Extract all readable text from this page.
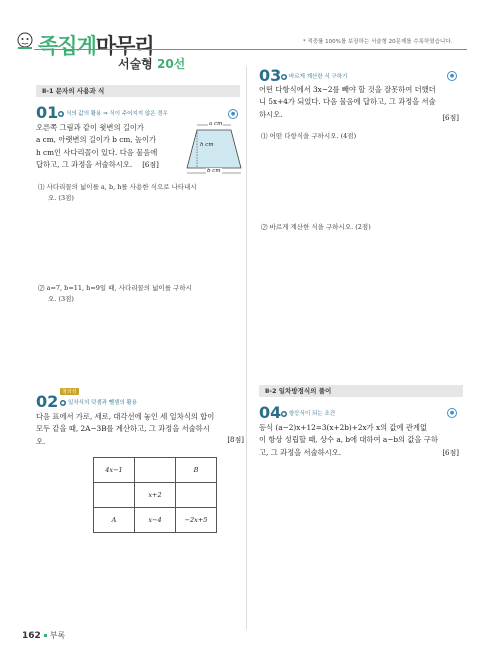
족집게마무리
서술형 20선
* 적중률 100%를 보장하는 서술형 20문제를 수록하였습니다.
Ⅱ-1 문자의 사용과 식
01 ● 식의 값의 활용 ⇒ 식이 주어지지 않은 경우	●
오른쪽 그림과 같이 윗변의 길이가
a cm, 아랫변의 길이가 b cm, 높이가
h cm인 사다리꼴이 있다. 다음 물음에
답하고, 그 과정을 서술하시오. [6점]
a cm
h cm
b cm
⑴ 사다리꼴의 넓이를 a, b, h를 사용한 식으로 나타내시
오. (3점)
⑵ a=7, b=11, h=9일 때, 사다리꼴의 넓이를 구하시
오. (3점)
02 창의성
● 일차식의 덧셈과 뺄셈의 활용
다음 표에서 가로, 세로, 대각선에 놓인 세 일차식의 합이
모두 같을 때, 2A−3B를 계산하고, 그 과정을 서술하시
오.	[8점]
4x−1		B
	x+2	
A	x−4	−2x+5
03 ● 바르게 계산한 식 구하기	●
어떤 다항식에서 3x−2를 빼야 할 것을 잘못하여 더했더
니 5x+4가 되었다. 다음 물음에 답하고, 그 과정을 서술
하시오.	[6점]
⑴ 어떤 다항식을 구하시오. (4점)
⑵ 바르게 계산한 식을 구하시오. (2점)
Ⅱ-2 일차방정식의 풀이
04 ● 항등식이 되는 조건	●
등식 (a−2)x+12=3(x+2b)+2x가 x의 값에 관계없
이 항상 성립할 때, 상수 a, b에 대하여 a−b의 값을 구하
고, 그 과정을 서술하시오.	[6점]
162 부록
